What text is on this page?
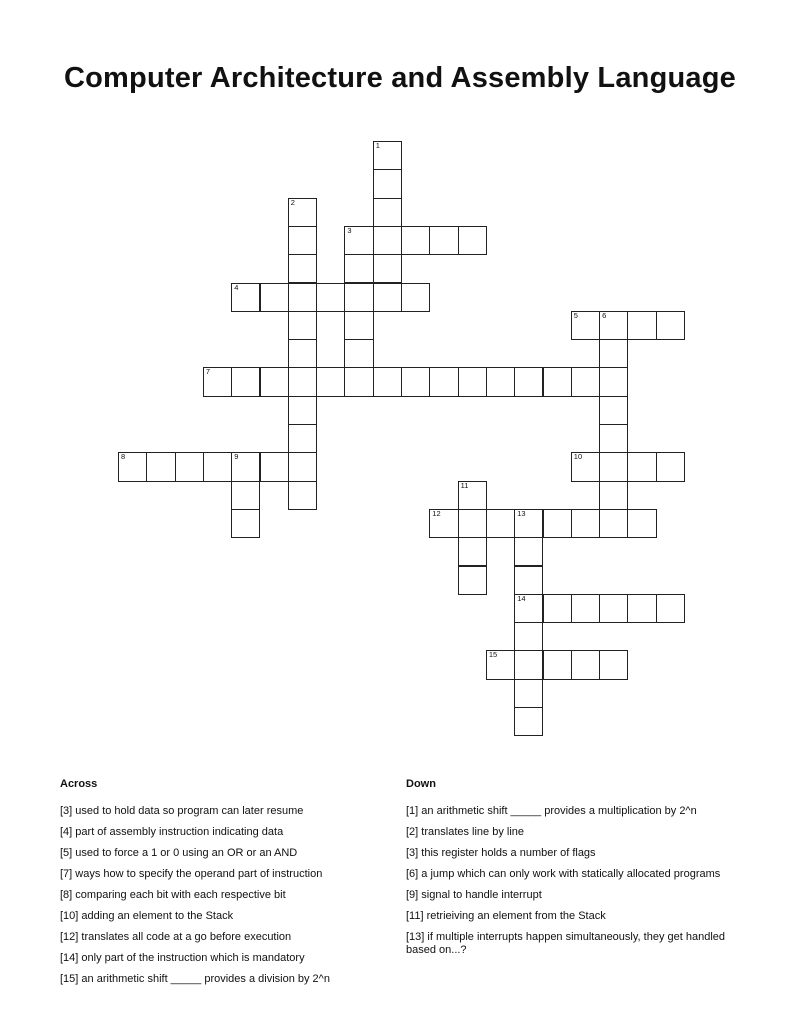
Computer Architecture and Assembly Language
1
2
3
6
9
11
13
14
4
5
7
8	10
12
15
Across
[3] used to hold data so program can later resume
[4] part of assembly instruction indicating data
[5] used to force a 1 or 0 using an OR or an AND
[7] ways how to specify the operand part of instruction
[8] comparing each bit with each respective bit
[10] adding an element to the Stack
[12] translates all code at a go before execution
[14] only part of the instruction which is mandatory
[15] an arithmetic shift _____ provides a division by 2^n
Down
[1] an arithmetic shift _____ provides a multiplication by 2^n
[2] translates line by line
[3] this register holds a number of flags
[6] a jump which can only work with statically allocated programs
[9] signal to handle interrupt
[11] retrieiving an element from the Stack
[13] if multiple interrupts happen simultaneously, they get handled based on...?
